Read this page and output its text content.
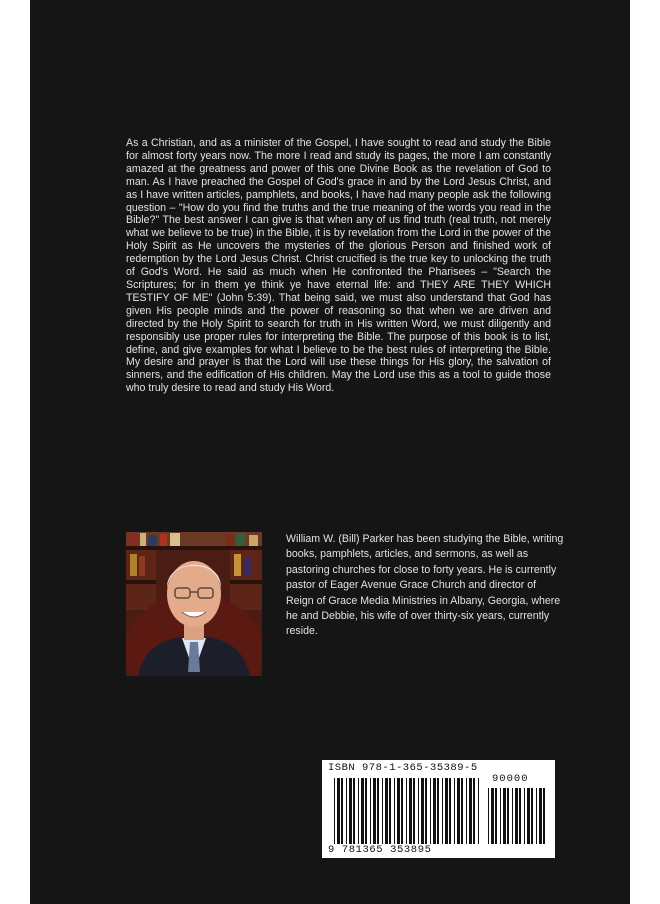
As a Christian, and as a minister of the Gospel, I have sought to read and study the Bible for almost forty years now. The more I read and study its pages, the more I am constantly amazed at the greatness and power of this one Divine Book as the revelation of God to man. As I have preached the Gospel of God's grace in and by the Lord Jesus Christ, and as I have written articles, pamphlets, and books, I have had many people ask the following question – "How do you find the truths and the true meaning of the words you read in the Bible?" The best answer I can give is that when any of us find truth (real truth, not merely what we believe to be true) in the Bible, it is by revelation from the Lord in the power of the Holy Spirit as He uncovers the mysteries of the glorious Person and finished work of redemption by the Lord Jesus Christ. Christ crucified is the true key to unlocking the truth of God's Word. He said as much when He confronted the Pharisees – "Search the Scriptures; for in them ye think ye have eternal life: and THEY ARE THEY WHICH TESTIFY OF ME" (John 5:39). That being said, we must also understand that God has given His people minds and the power of reasoning so that when we are driven and directed by the Holy Spirit to search for truth in His written Word, we must diligently and responsibly use proper rules for interpreting the Bible. The purpose of this book is to list, define, and give examples for what I believe to be the best rules of interpreting the Bible. My desire and prayer is that the Lord will use these things for His glory, the salvation of sinners, and the edification of His children. May the Lord use this as a tool to guide those who truly desire to read and study His Word.

William W. (Bill) Parker has been studying the Bible, writing books, pamphlets, articles, and sermons, as well as pastoring churches for close to forty years. He is currently pastor of Eager Avenue Grace Church and director of Reign of Grace Media Ministries in Albany, Georgia, where he and Debbie, his wife of over thirty-six years, currently reside.

ISBN 978-1-365-35389-5
90000
9 781365 353895
